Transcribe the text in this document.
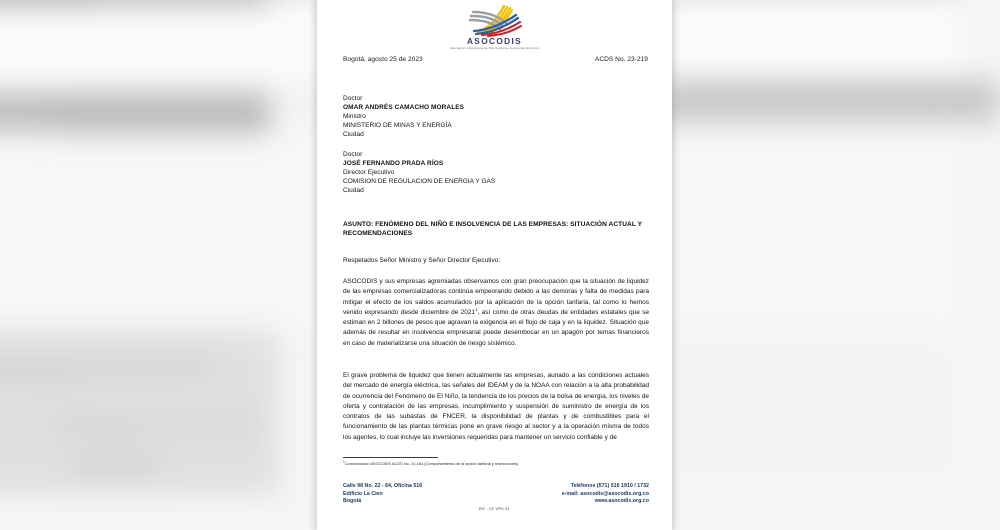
ASOCODIS
Asociación Colombiana de Distribuidores de Energía Eléctrica
Bogotá, agosto 25 de 2023	ACDS No. 23-219
Doctor
OMAR ANDRÉS CAMACHO MORALES
Ministro
MINISTERIO DE MINAS Y ENERGÍA
Ciudad
Doctor
JOSÉ FERNANDO PRADA RÍOS
Director Ejecutivo
COMISION DE REGULACION DE ENERGIA Y GAS
Ciudad
ASUNTO: FENÓMENO DEL NIÑO E INSOLVENCIA DE LAS EMPRESAS: SITUACIÓN ACTUAL Y RECOMENDACIONES
Respetados Señor Ministro y Señor Director Ejecutivo:
ASOCODIS y sus empresas agremiadas observamos con gran preocupación que la situación de liquidez de las empresas comercializadoras continúa empeorando debido a las demoras y falta de medidas para mitigar el efecto de los saldos acumulados por la aplicación de la opción tarifaria, tal como lo hemos venido expresando desde diciembre de 2021$^1$, así como de otras deudas de entidades estatales que se estiman en 2 billones de pesos que agravan la exigencia en el flujo de caja y en la liquidez. Situación que además de resultar en insolvencia empresarial puede desembocar en un apagón por temas financieros en caso de materializarse una situación de riesgo sistémico.
El grave problema de liquidez que tienen actualmente las empresas, aunado a las condiciones actuales del mercado de energía eléctrica, las señales del IDEAM y de la NOAA con relación a la alta probabilidad de ocurrencia del Fenómeno de El Niño, la tendencia de los precios de la bolsa de energía, los niveles de oferta y contratación de las empresas, incumplimiento y suspensión de suministro de energía de los contratos de las subastas de FNCER, la disponibilidad de plantas y de combustibles para el funcionamiento de las plantas térmicas pone en grave riesgo al sector y a la operación misma de todos los agentes, lo cual incluye las inversiones requeridas para mantener un servicio confiable y de
$^1$Comunicación ASOCODIS ACDS No. 21-164 (Comportamiento de la opción tarifaria y restricciones)
Calle 98 No. 22 - 64, Oficina 516
Edificio La Cien
Bogotá
Teléfonos (571) 516 1910 / 1732
e-mail: asocodis@asocodis.org.co
www.asocodis.org.co
RG - 02 VRS 01
